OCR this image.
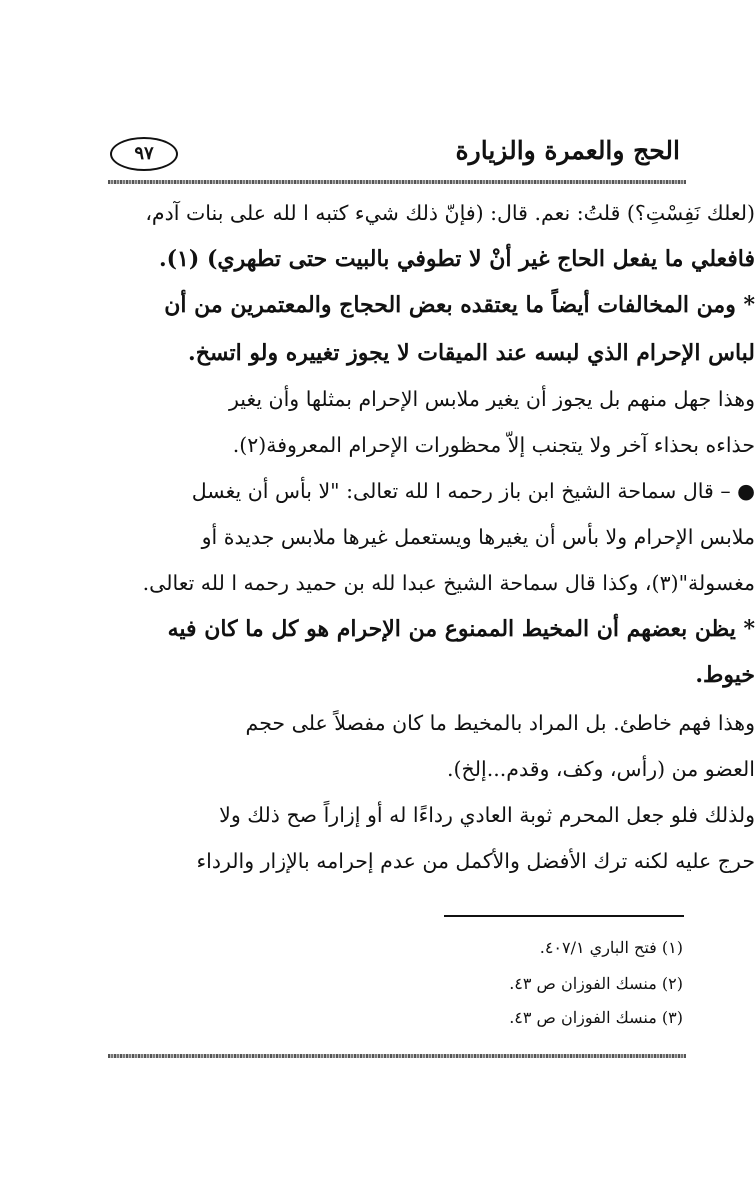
الحج والعمرة والزيارة
٩٧
(لعلك نَفِسْتِ؟) قلتُ: نعم. قال: (فإنّ ذلك شيء كتبه ا لله على بنات آدم،
فافعلي ما يفعل الحاج غير أنْ لا تطوفي بالبيت حتى تطهري) (١).
* ومن المخالفات أيضاً ما يعتقده بعض الحجاج والمعتمرين من أن
لباس الإحرام الذي لبسه عند الميقات لا يجوز تغييره ولو اتسخ.
وهذا جهل منهم بل يجوز أن يغير ملابس الإحرام بمثلها وأن يغير
حذاءه بحذاء آخر ولا يتجنب إلاّ محظورات الإحرام المعروفة(٢).
● – قال سماحة الشيخ ابن باز رحمه ا لله تعالى: "لا بأس أن يغسل
ملابس الإحرام ولا بأس أن يغيرها ويستعمل غيرها ملابس جديدة أو
مغسولة"(٣)، وكذا قال سماحة الشيخ عبدا لله بن حميد رحمه ا لله تعالى.
* يظن بعضهم أن المخيط الممنوع من الإحرام هو كل ما كان فيه
خيوط.
وهذا فهم خاطئ. بل المراد بالمخيط ما كان مفصلاً على حجم
العضو من (رأس، وكف، وقدم...إلخ).
ولذلك فلو جعل المحرم ثوبة العادي رداءًا له أو إزاراً صح ذلك ولا
حرج عليه لكنه ترك الأفضل والأكمل من عدم إحرامه بالإزار والرداء
(١) فتح الباري ٤٠٧/١.
(٢) منسك الفوزان ص ٤٣.
(٣) منسك الفوزان ص ٤٣.
